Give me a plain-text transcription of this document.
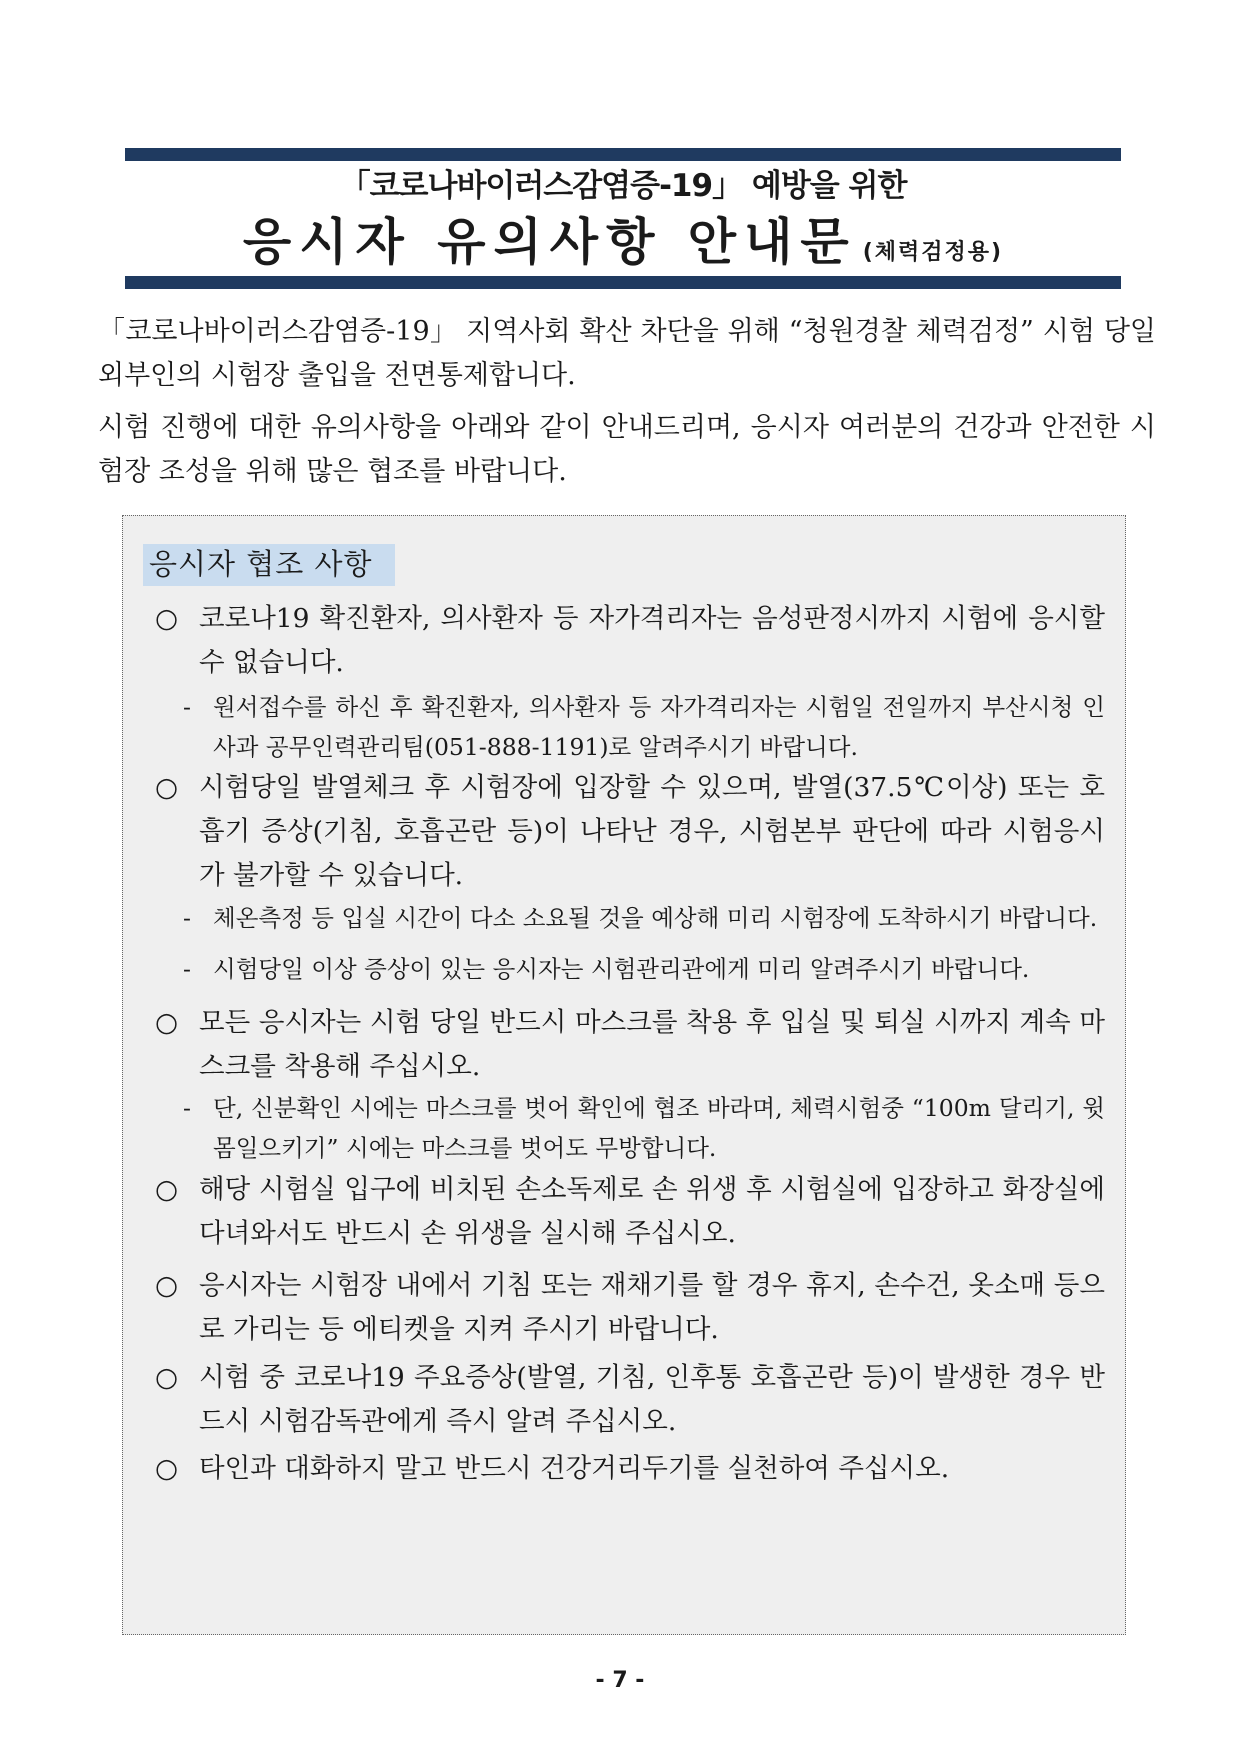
「코로나바이러스감염증-19」 예방을 위한
응시자 유의사항 안내문 (체력검정용)
「코로나바이러스감염증-19」 지역사회 확산 차단을 위해 “청원경찰 체력검정” 시험 당일 외부인의 시험장 출입을 전면통제합니다.
시험 진행에 대한 유의사항을 아래와 같이 안내드리며, 응시자 여러분의 건강과 안전한 시험장 조성을 위해 많은 협조를 바랍니다.
응시자 협조 사항
○ 코로나19 확진환자, 의사환자 등 자가격리자는 음성판정시까지 시험에 응시할 수 없습니다.
- 원서접수를 하신 후 확진환자, 의사환자 등 자가격리자는 시험일 전일까지 부산시청 인사과 공무인력관리팀(051-888-1191)로 알려주시기 바랍니다.
○ 시험당일 발열체크 후 시험장에 입장할 수 있으며, 발열(37.5℃이상) 또는 호흡기 증상(기침, 호흡곤란 등)이 나타난 경우, 시험본부 판단에 따라 시험응시가 불가할 수 있습니다.
- 체온측정 등 입실 시간이 다소 소요될 것을 예상해 미리 시험장에 도착하시기 바랍니다.
- 시험당일 이상 증상이 있는 응시자는 시험관리관에게 미리 알려주시기 바랍니다.
○ 모든 응시자는 시험 당일 반드시 마스크를 착용 후 입실 및 퇴실 시까지 계속 마스크를 착용해 주십시오.
- 단, 신분확인 시에는 마스크를 벗어 확인에 협조 바라며, 체력시험중 “100m 달리기, 윗몸일으키기” 시에는 마스크를 벗어도 무방합니다.
○ 해당 시험실 입구에 비치된 손소독제로 손 위생 후 시험실에 입장하고 화장실에 다녀와서도 반드시 손 위생을 실시해 주십시오.
○ 응시자는 시험장 내에서 기침 또는 재채기를 할 경우 휴지, 손수건, 옷소매 등으로 가리는 등 에티켓을 지켜 주시기 바랍니다.
○ 시험 중 코로나19 주요증상(발열, 기침, 인후통 호흡곤란 등)이 발생한 경우 반드시 시험감독관에게 즉시 알려 주십시오.
○ 타인과 대화하지 말고 반드시 건강거리두기를 실천하여 주십시오.
- 7 -
